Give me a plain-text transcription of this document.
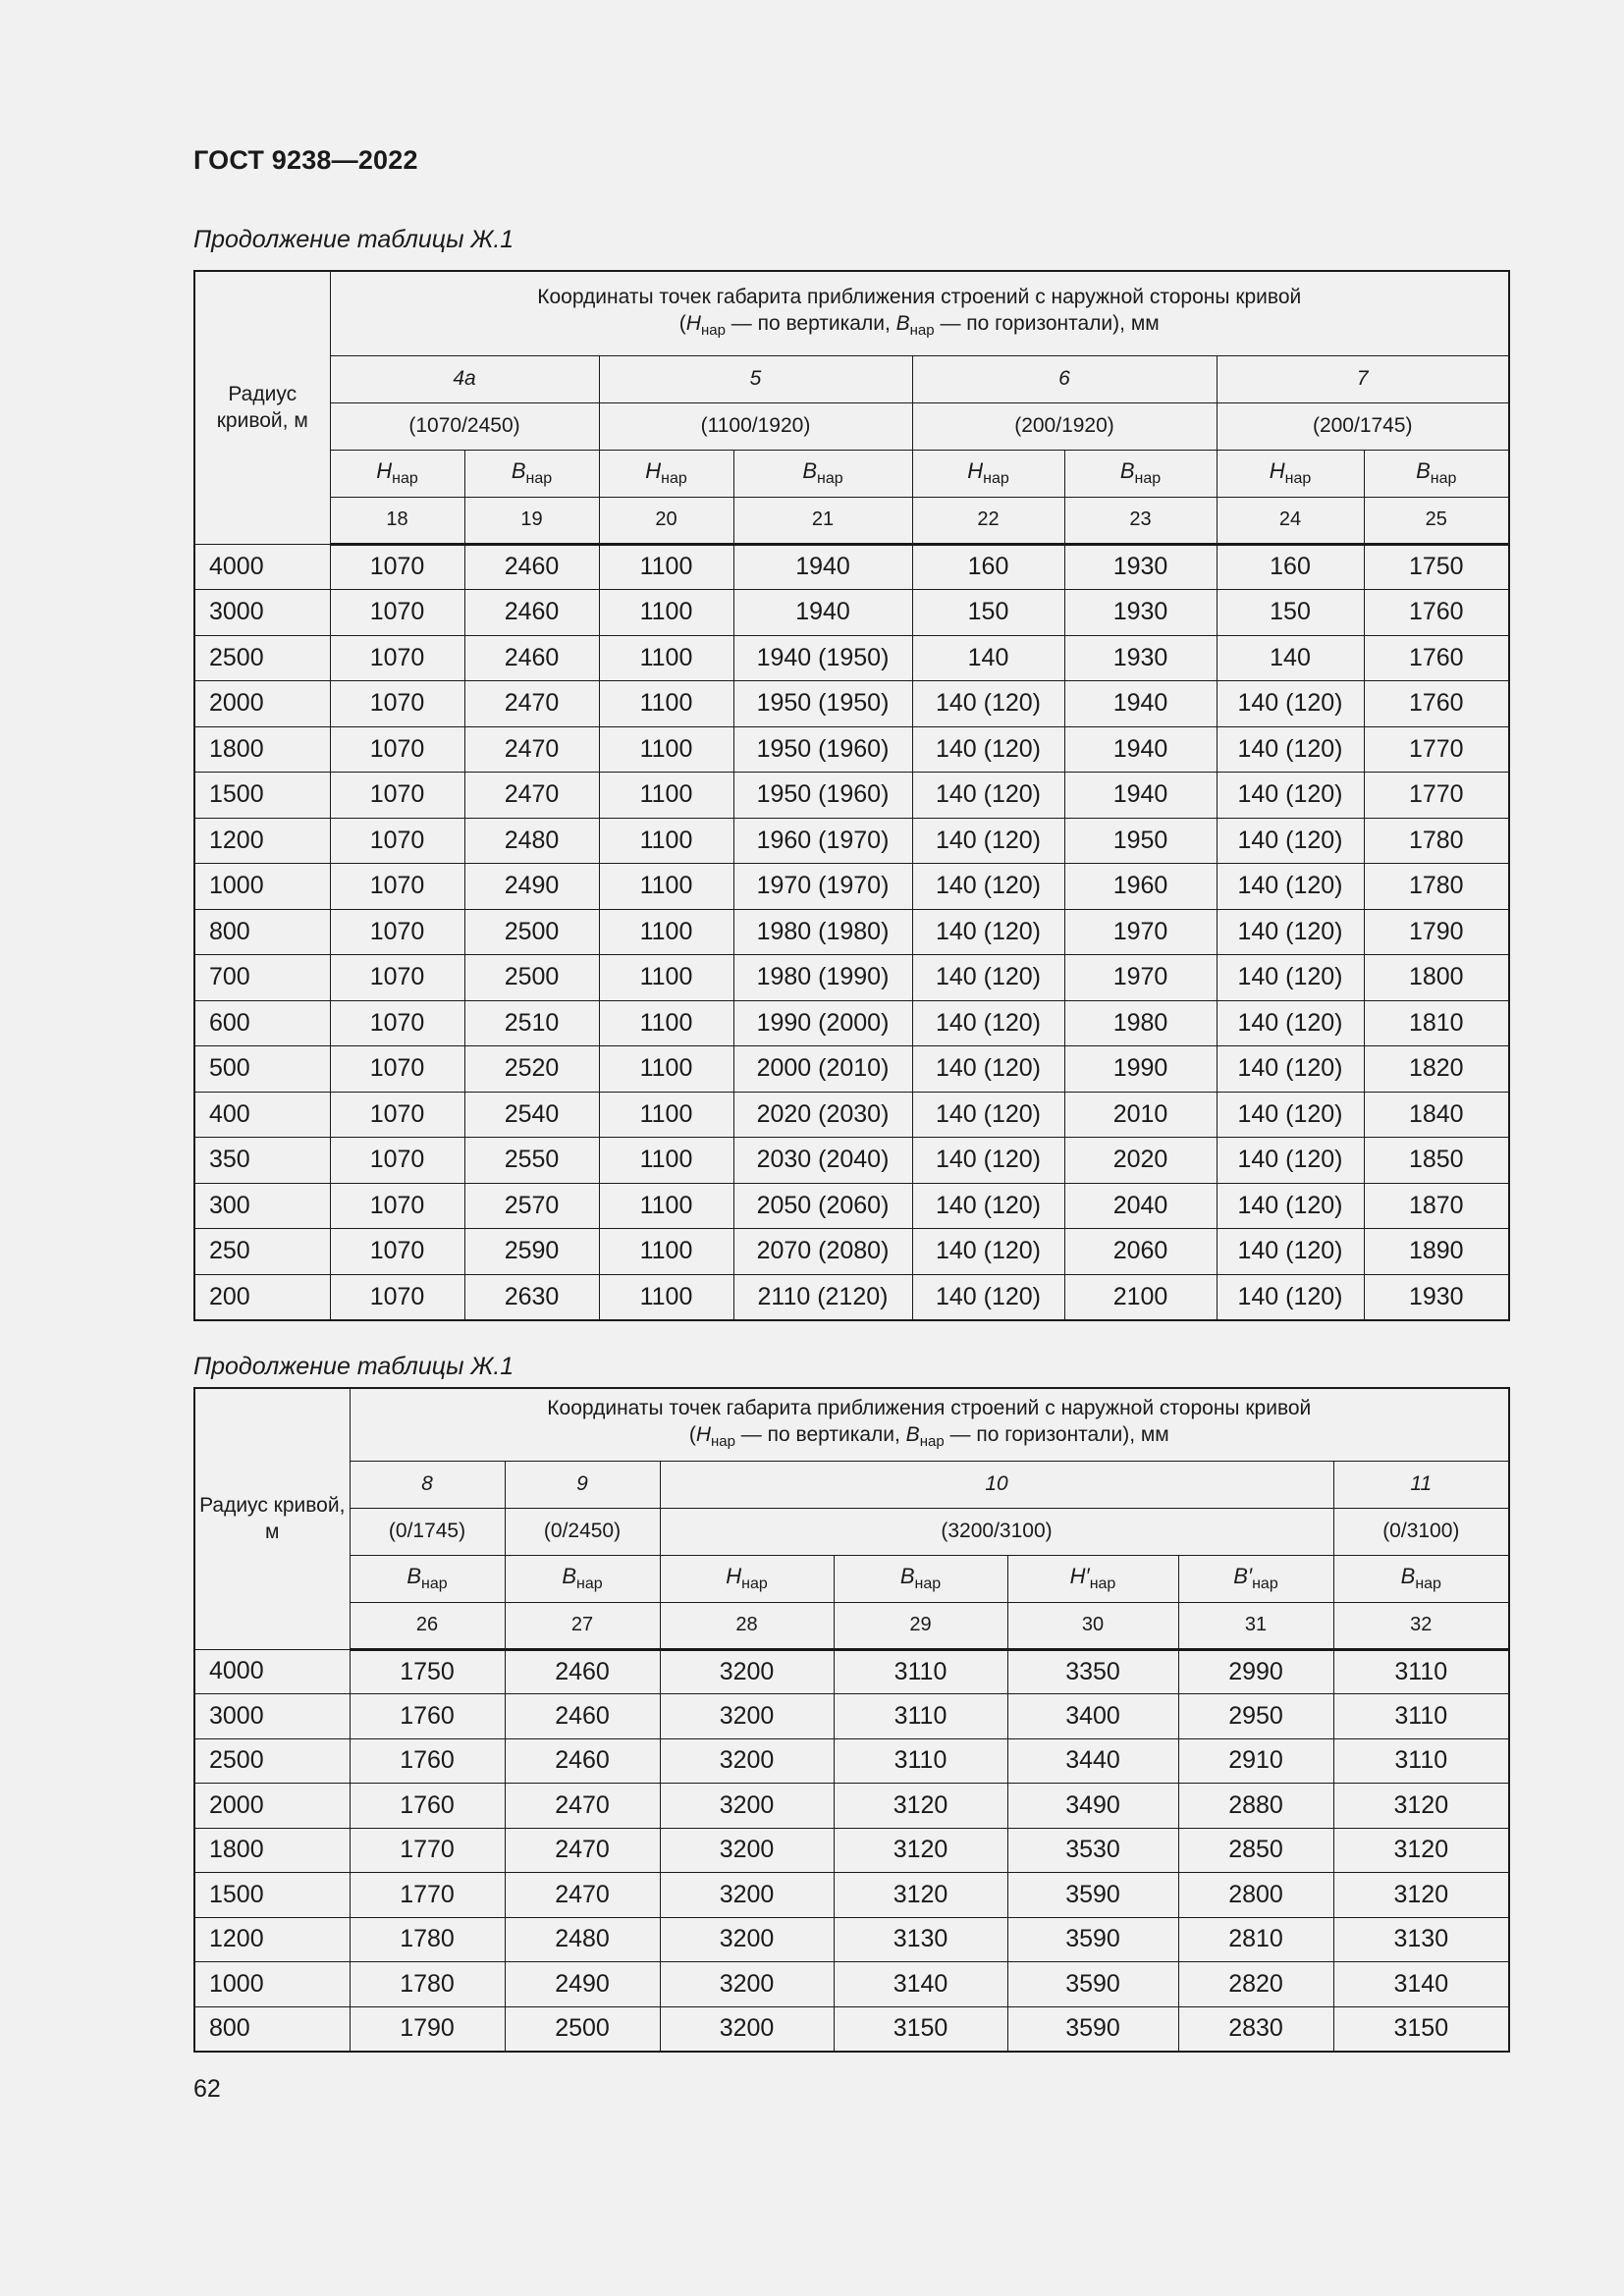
ГОСТ 9238—2022
Продолжение таблицы Ж.1
Радиус кривой, м	Координаты точек габарита приближения строений с наружной стороны кривой
($H_{нар}$ — по вертикали, $B_{нар}$ — по горизонтали), мм							
	4а		5		6		7	
	(1070/2450)		(1100/1920)		(200/1920)		(200/1745)	
	$H_{нар}$	$B_{нар}$	$H_{нар}$	$B_{нар}$	$H_{нар}$	$B_{нар}$	$H_{нар}$	$B_{нар}$
	18	19	20	21	22	23	24	25
4000	1070	2460	1100	1940	160	1930	160	1750
3000	1070	2460	1100	1940	150	1930	150	1760
2500	1070	2460	1100	1940 (1950)	140	1930	140	1760
2000	1070	2470	1100	1950 (1950)	140 (120)	1940	140 (120)	1760
1800	1070	2470	1100	1950 (1960)	140 (120)	1940	140 (120)	1770
1500	1070	2470	1100	1950 (1960)	140 (120)	1940	140 (120)	1770
1200	1070	2480	1100	1960 (1970)	140 (120)	1950	140 (120)	1780
1000	1070	2490	1100	1970 (1970)	140 (120)	1960	140 (120)	1780
800	1070	2500	1100	1980 (1980)	140 (120)	1970	140 (120)	1790
700	1070	2500	1100	1980 (1990)	140 (120)	1970	140 (120)	1800
600	1070	2510	1100	1990 (2000)	140 (120)	1980	140 (120)	1810
500	1070	2520	1100	2000 (2010)	140 (120)	1990	140 (120)	1820
400	1070	2540	1100	2020 (2030)	140 (120)	2010	140 (120)	1840
350	1070	2550	1100	2030 (2040)	140 (120)	2020	140 (120)	1850
300	1070	2570	1100	2050 (2060)	140 (120)	2040	140 (120)	1870
250	1070	2590	1100	2070 (2080)	140 (120)	2060	140 (120)	1890
200	1070	2630	1100	2110 (2120)	140 (120)	2100	140 (120)	1930
Продолжение таблицы Ж.1
Радиус кривой, м	Координаты точек габарита приближения строений с наружной стороны кривой
($H_{нар}$ — по вертикали, $B_{нар}$ — по горизонтали), мм						
	8	9	10				11
	(0/1745)	(0/2450)	(3200/3100)				(0/3100)
	$B_{нар}$	$B_{нар}$	$H_{нар}$	$B_{нар}$	$H'_{нар}$	$B'_{нар}$	$B_{нар}$
	26	27	28	29	30	31	32
4000	1750	2460	3200	3110	3350	2990	3110
3000	1760	2460	3200	3110	3400	2950	3110
2500	1760	2460	3200	3110	3440	2910	3110
2000	1760	2470	3200	3120	3490	2880	3120
1800	1770	2470	3200	3120	3530	2850	3120
1500	1770	2470	3200	3120	3590	2800	3120
1200	1780	2480	3200	3130	3590	2810	3130
1000	1780	2490	3200	3140	3590	2820	3140
800	1790	2500	3200	3150	3590	2830	3150
62
